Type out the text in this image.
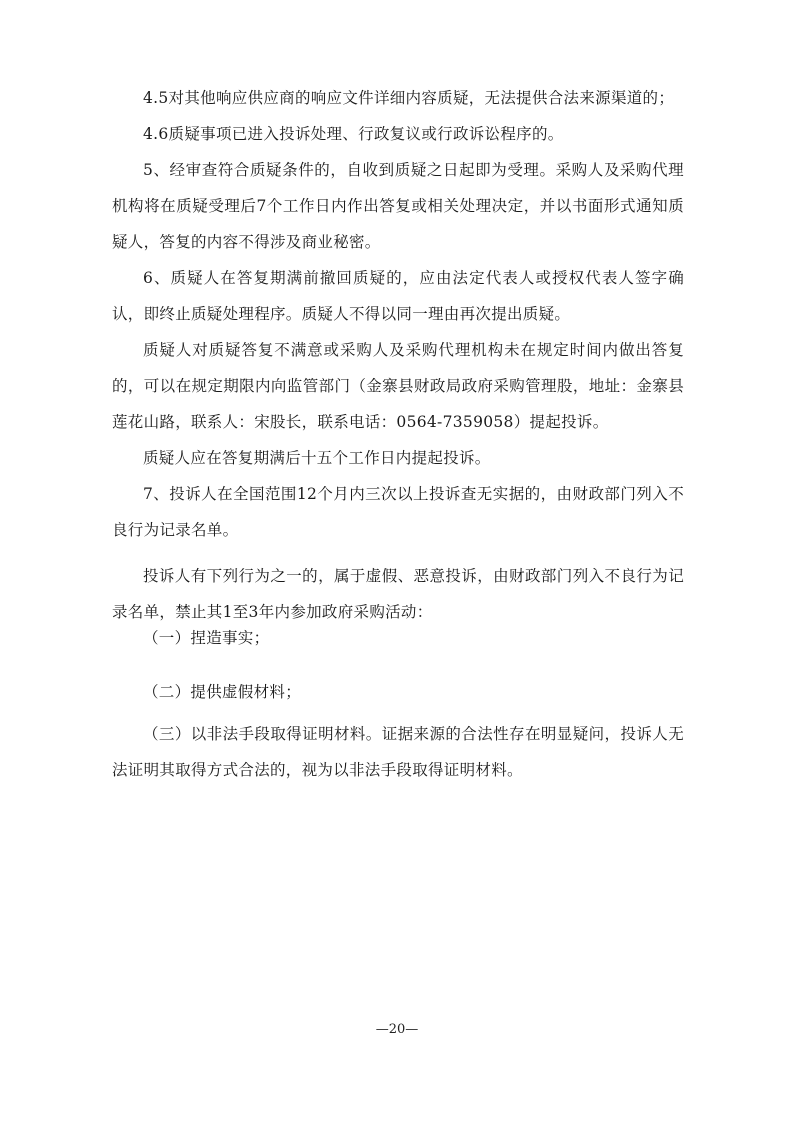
4.5对其他响应供应商的响应文件详细内容质疑，无法提供合法来源渠道的；

4.6质疑事项已进入投诉处理、行政复议或行政诉讼程序的。

5、经审查符合质疑条件的，自收到质疑之日起即为受理。采购人及采购代理机构将在质疑受理后7个工作日内作出答复或相关处理决定，并以书面形式通知质疑人，答复的内容不得涉及商业秘密。

6、质疑人在答复期满前撤回质疑的，应由法定代表人或授权代表人签字确认，即终止质疑处理程序。质疑人不得以同一理由再次提出质疑。

质疑人对质疑答复不满意或采购人及采购代理机构未在规定时间内做出答复的，可以在规定期限内向监管部门（金寨县财政局政府采购管理股，地址：金寨县莲花山路，联系人：宋股长，联系电话：0564-7359058）提起投诉。

质疑人应在答复期满后十五个工作日内提起投诉。

7、投诉人在全国范围12个月内三次以上投诉查无实据的，由财政部门列入不良行为记录名单。

投诉人有下列行为之一的，属于虚假、恶意投诉，由财政部门列入不良行为记录名单，禁止其1至3年内参加政府采购活动：

（一）捏造事实；

（二）提供虚假材料；

（三）以非法手段取得证明材料。证据来源的合法性存在明显疑问，投诉人无法证明其取得方式合法的，视为以非法手段取得证明材料。

—20—
